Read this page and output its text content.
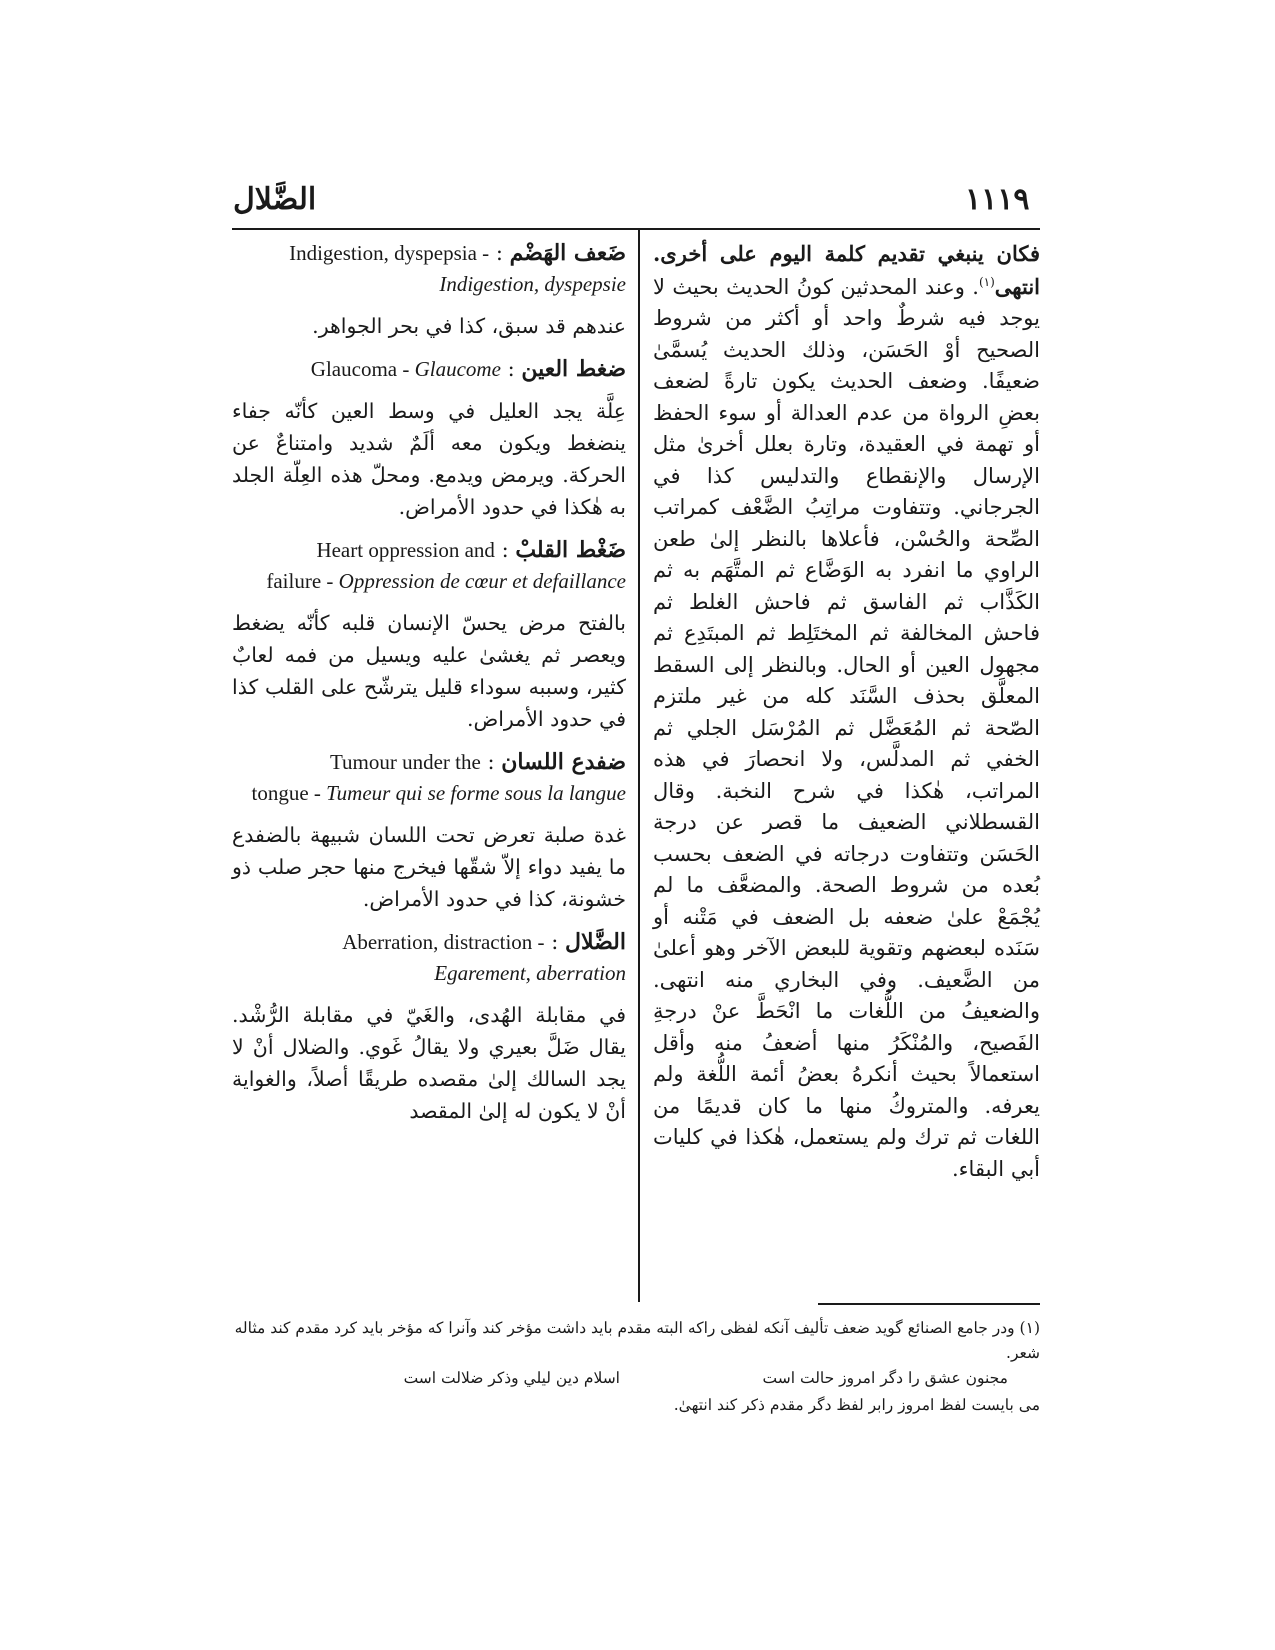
الضَّلال	١١١٩

فكان ينبغي تقديم كلمة اليوم على أخرى. انتهى$^{(١)}$. وعند المحدثين كونُ الحديث بحيث لا يوجد فيه شرطٌ واحد أو أكثر من شروط الصحيح أوْ الحَسَن، وذلك الحديث يُسمَّىٰ ضعيفًا. وضعف الحديث يكون تارةً لضعف بعضِ الرواة من عدم العدالة أو سوء الحفظ أو تهمة في العقيدة، وتارة بعلل أخرىٰ مثل الإرسال والإنقطاع والتدليس كذا في الجرجاني. وتتفاوت مراتِبُ الضَّعْف كمراتب الصِّحة والحُسْن، فأعلاها بالنظر إلىٰ طعن الراوي ما انفرد به الوَضَّاع ثم المتَّهَم به ثم الكَذَّاب ثم الفاسق ثم فاحش الغلط ثم فاحش المخالفة ثم المختَلِط ثم المبتَدِع ثم مجهول العين أو الحال. وبالنظر إلى السقط المعلَّق بحذف السَّنَد كله من غير ملتزم الصّحة ثم المُعَضَّل ثم المُرْسَل الجلي ثم الخفي ثم المدلَّس، ولا انحصارَ في هذه المراتب، هٰكذا في شرح النخبة. وقال القسطلاني الضعيف ما قصر عن درجة الحَسَن وتتفاوت درجاته في الضعف بحسب بُعده من شروط الصحة. والمضعَّف ما لم يُجْمَعْ علىٰ ضعفه بل الضعف في مَتْنه أو سَنَده لبعضهم وتقوية للبعض الآخر وهو أعلىٰ من الضَّعيف. وفي البخاري منه انتهى. والضعيفُ من اللُّغات ما انْحَطَّ عنْ درجةِ الفَصيح، والمُنْكَرُ منها أضعفُ منه وأقل استعمالاً بحيث أنكرهُ بعضُ أئمة اللُّغة ولم يعرفه. والمتروكُ منها ما كان قديمًا من اللغات ثم ترك ولم يستعمل، هٰكذا في كليات أبي البقاء.

ضَعف الهَضْم : Indigestion, dyspepsia -
Indigestion, dyspepsie
عندهم قد سبق، كذا في بحر الجواهر.
ضغط العين : Glaucoma - Glaucome
عِلَّة يجد العليل في وسط العين كأنّه جفاء ينضغط ويكون معه ألَمٌ شديد وامتناعٌ عن الحركة. ويرمض ويدمع. ومحلّ هذه العِلّة الجلد به هٰكذا في حدود الأمراض.
ضَغْط القلبْ : Heart oppression and
failure - Oppression de cœur et defaillance
بالفتح مرض يحسّ الإنسان قلبه كأنّه يضغط ويعصر ثم يغشىٰ عليه ويسيل من فمه لعابٌ كثير، وسببه سوداء قليل يترشّح على القلب كذا في حدود الأمراض.
ضفدع اللسان : Tumour under the
tongue - Tumeur qui se forme sous la langue
غدة صلبة تعرض تحت اللسان شبيهة بالضفدع ما يفيد دواء إلاّ شقّها فيخرج منها حجر صلب ذو خشونة، كذا في حدود الأمراض.
الضَّلال : Aberration, distraction -
Egarement, aberration
في مقابلة الهُدى، والغَيّ في مقابلة الرُّشْد. يقال ضَلَّ بعيري ولا يقالُ غَوي. والضلال أنْ لا يجد السالك إلىٰ مقصده طريقًا أصلاً، والغواية أنْ لا يكون له إلىٰ المقصد

(١) ودر جامع الصنائع گويد ضعف تأليف آنكه لفظى راكه البته مقدم بايد داشت مؤخر كند وآنرا كه مؤخر بايد كرد مقدم كند مثاله شعر.

مجنون عشق را دگر امروز حالت است
اسلام دين ليلي وذكر ضلالت است

مى بايست لفظ امروز رابر لفظ دگر مقدم ذكر كند انتهىٰ.
